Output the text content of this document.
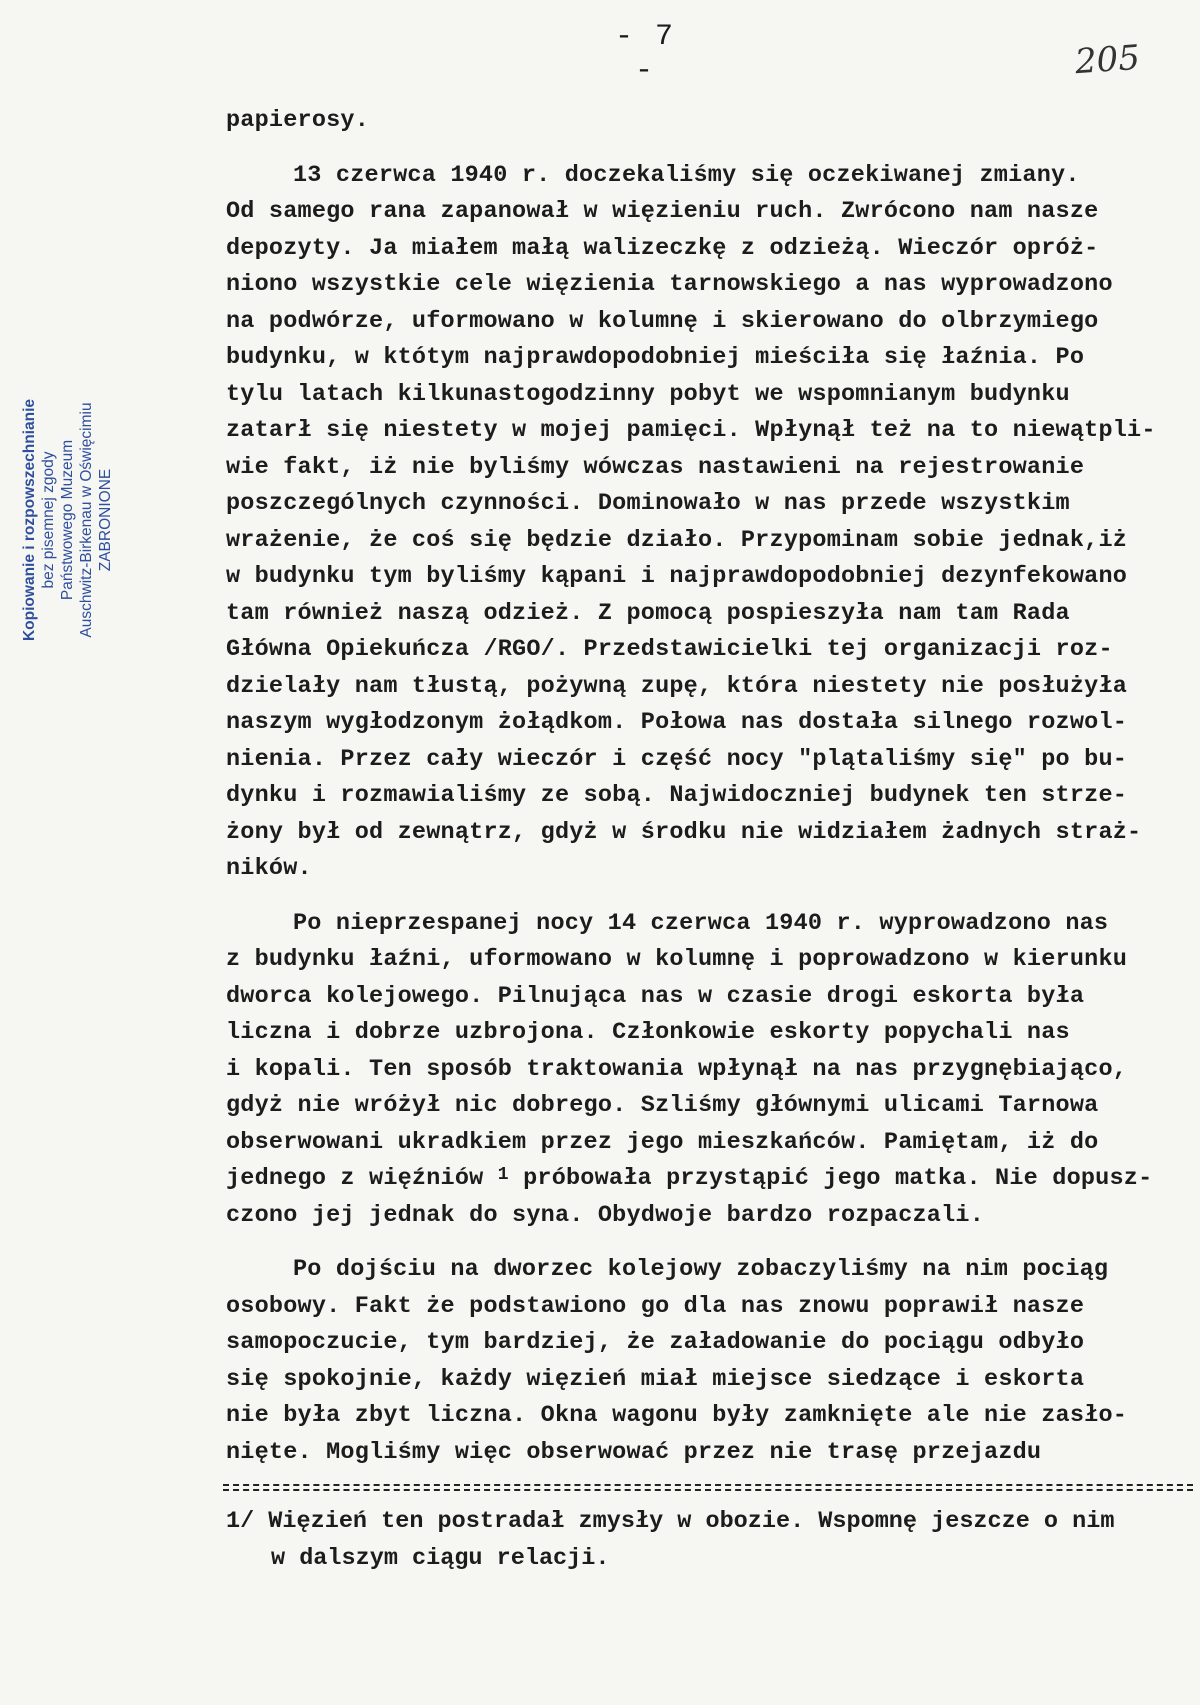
- 7 -	205
Kopiowanie i rozpowszechnianie bez pisemnej zgody Państwowego Muzeum Auschwitz-Birkenau w Oświęcimiu ZABRONIONE
papierosy.
13 czerwca 1940 r. doczekaliśmy się oczekiwanej zmiany.
Od samego rana zapanował w więzieniu ruch. Zwrócono nam nasze
depozyty. Ja miałem małą walizeczkę z odzieżą. Wieczór opróż-
niono wszystkie cele więzienia tarnowskiego a nas wyprowadzono
na podwórze, uformowano w kolumnę i skierowano do olbrzymiego
budynku, w któtym najprawdopodobniej mieściła się łaźnia. Po
tylu latach kilkunastogodzinny pobyt we wspomnianym budynku
zatarł się niestety w mojej pamięci. Wpłynął też na to niewątpli-
wie fakt, iż nie byliśmy wówczas nastawieni na rejestrowanie
poszczególnych czynności. Dominowało w nas przede wszystkim
wrażenie, że coś się będzie działo. Przypominam sobie jednak,iż
w budynku tym byliśmy kąpani i najprawdopodobniej dezynfekowano
tam również naszą odzież. Z pomocą pospieszyła nam tam Rada
Główna Opiekuńcza /RGO/. Przedstawicielki tej organizacji roz-
dzielały nam tłustą, pożywną zupę, która niestety nie posłużyła
naszym wygłodzonym żołądkom. Połowa nas dostała silnego rozwol-
nienia. Przez cały wieczór i część nocy "plątaliśmy się" po bu-
dynku i rozmawialiśmy ze sobą. Najwidoczniej budynek ten strze-
żony był od zewnątrz, gdyż w środku nie widziałem żadnych straż-
ników.
Po nieprzespanej nocy 14 czerwca 1940 r. wyprowadzono nas
z budynku łaźni, uformowano w kolumnę i poprowadzono w kierunku
dworca kolejowego. Pilnująca nas w czasie drogi eskorta była
liczna i dobrze uzbrojona. Członkowie eskorty popychali nas
i kopali. Ten sposób traktowania wpłynął na nas przygnębiająco,
gdyż nie wróżył nic dobrego. Szliśmy głównymi ulicami Tarnowa
obserwowani ukradkiem przez jego mieszkańców. Pamiętam, iż do
jednego z więźniów $^1$ próbowała przystąpić jego matka. Nie dopusz-
czono jej jednak do syna. Obydwoje bardzo rozpaczali.
Po dojściu na dworzec kolejowy zobaczyliśmy na nim pociąg
osobowy. Fakt że podstawiono go dla nas znowu poprawił nasze
samopoczucie, tym bardziej, że załadowanie do pociągu odbyło
się spokojnie, każdy więzień miał miejsce siedzące i eskorta
nie była zbyt liczna. Okna wagonu były zamknięte ale nie zasło-
nięte. Mogliśmy więc obserwować przez nie trasę przejazdu
1/ Więzień ten postradał zmysły w obozie. Wspomnę jeszcze o nim
w dalszym ciągu relacji.
